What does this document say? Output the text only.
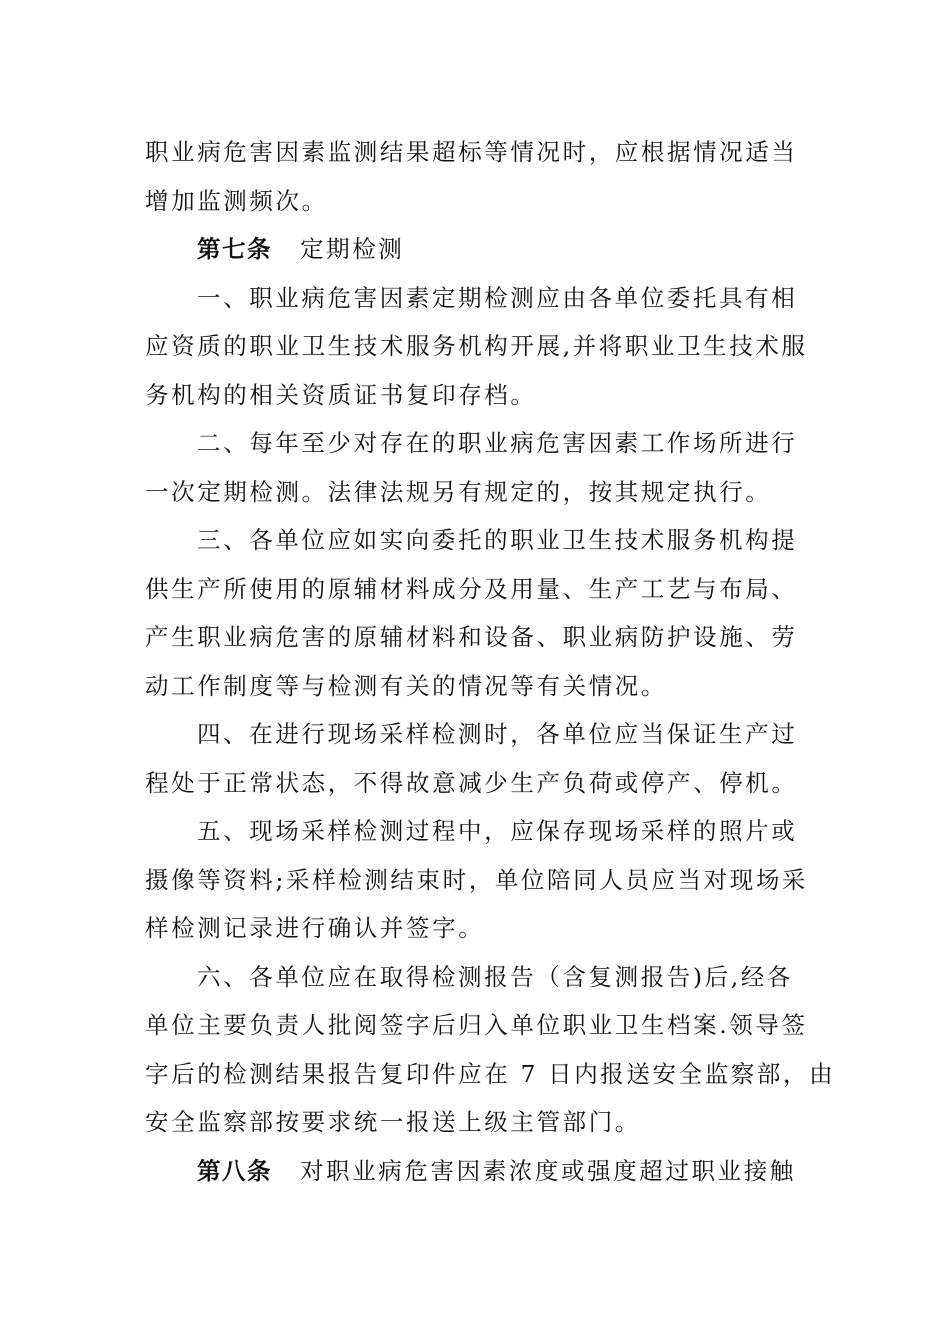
职业病危害因素监测结果超标等情况时，应根据情况适当
增加监测频次。
第七条 定期检测
一、职业病危害因素定期检测应由各单位委托具有相
应资质的职业卫生技术服务机构开展,并将职业卫生技术服
务机构的相关资质证书复印存档。
二、每年至少对存在的职业病危害因素工作场所进行
一次定期检测。法律法规另有规定的，按其规定执行。
三、各单位应如实向委托的职业卫生技术服务机构提
供生产所使用的原辅材料成分及用量、生产工艺与布局、
产生职业病危害的原辅材料和设备、职业病防护设施、劳
动工作制度等与检测有关的情况等有关情况。
四、在进行现场采样检测时，各单位应当保证生产过
程处于正常状态，不得故意减少生产负荷或停产、停机。
五、现场采样检测过程中，应保存现场采样的照片或
摄像等资料;采样检测结束时，单位陪同人员应当对现场采
样检测记录进行确认并签字。
六、各单位应在取得检测报告（含复测报告)后,经各
单位主要负责人批阅签字后归入单位职业卫生档案.领导签
字后的检测结果报告复印件应在 7 日内报送安全监察部，由
安全监察部按要求统一报送上级主管部门。
第八条 对职业病危害因素浓度或强度超过职业接触
